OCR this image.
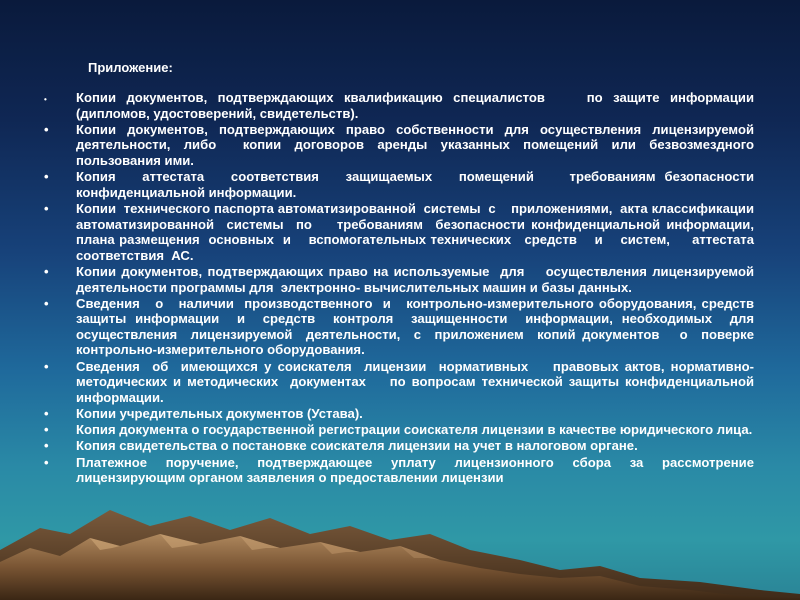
Приложение:
•	Копии документов, подтверждающих квалификацию специалистов    по защите информации (дипломов, удостоверений, свидетельств).
•	Копии документов, подтверждающих право собственности для осуществления лицензируемой деятельности,  либо    копии  договоров  аренды  указанных  помещений  или  безвозмездного    пользования ими.
•	Копия   аттестата   соответствия   защищаемых   помещений    требованиям безопасности конфиденциальной информации.
•	Копии  технического паспорта автоматизированной  системы  с    приложениями,  акта классификации  автоматизированной  системы  по    требованиям  безопасности конфиденциальной информации, плана размещения  основных  и    вспомогательных технических   средств    и    систем,     аттестата    соответствия  АС.
•	Копии документов, подтверждающих право на используемые  для    осуществления лицензируемой деятельности программы для  электронно- вычислительных машин и базы данных.
•	Сведения   о   наличии  производственного  и   контрольно-измерительного оборудования, средств защиты информации  и  средств  контроля  защищенности  информации, необходимых  для  осуществления  лицензируемой  деятельности,  с  приложением  копий документов   о  поверке  контрольно-измерительного оборудования.
•	Сведения  об  имеющихся у соискателя  лицензии  нормативных    правовых актов, нормативно-методических и методических  документах    по вопросам технической защиты конфиденциальной информации.
•	Копии учредительных документов (Устава).
•	Копия документа о государственной регистрации соискателя лицензии в качестве юридического лица.
•	Копия свидетельства о постановке соискателя лицензии на учет в налоговом органе.
•	Платежное поручение, подтверждающее уплату лицензионного сбора за рассмотрение лицензирующим органом заявления о предоставлении лицензии
